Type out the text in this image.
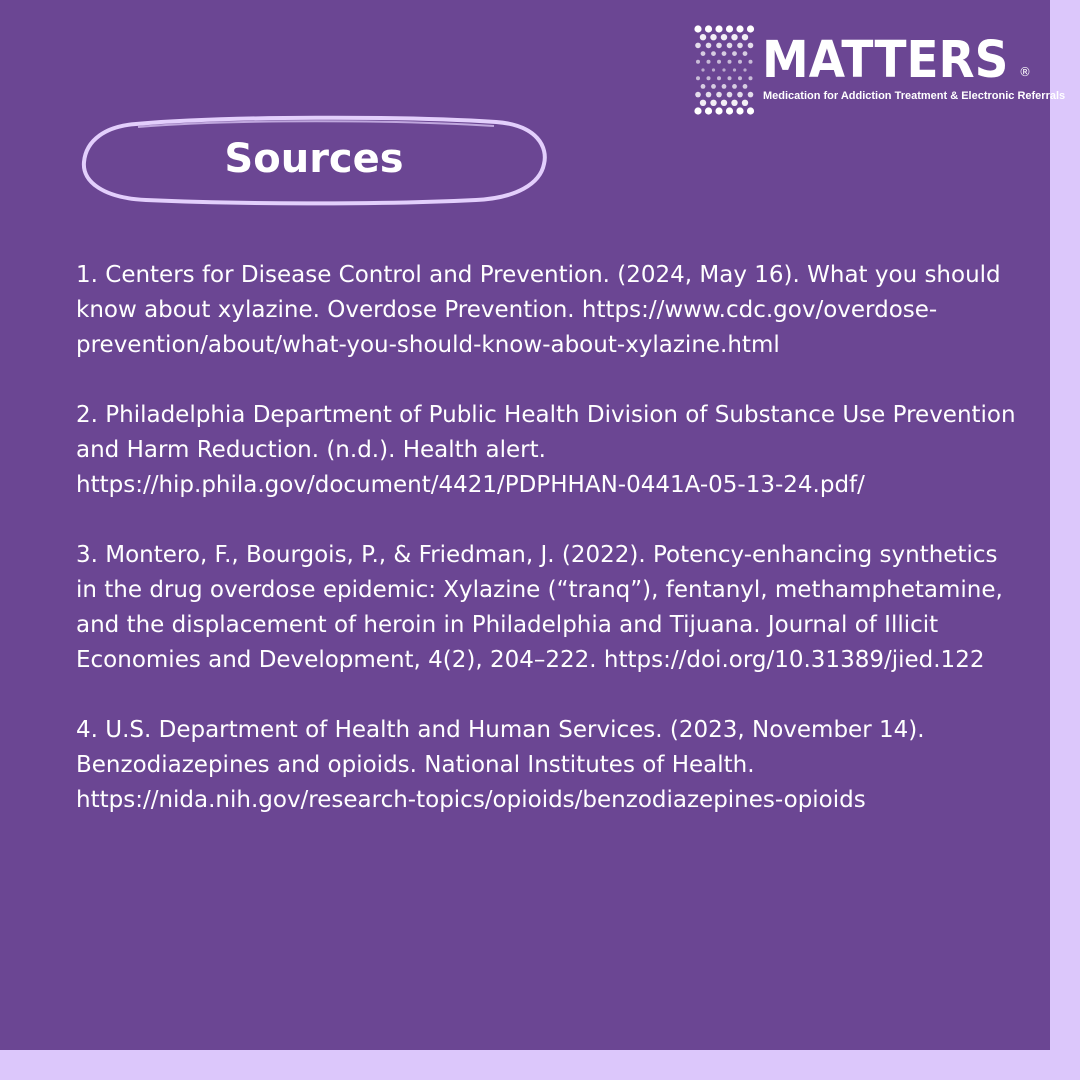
MATTERS ®
Medication for Addiction Treatment & Electronic Referrals
Sources
1. Centers for Disease Control and Prevention. (2024, May 16). What you should know about xylazine. Overdose Prevention. https://www.cdc.gov/overdose-prevention/about/what-you-should-know-about-xylazine.html
2. Philadelphia Department of Public Health Division of Substance Use Prevention and Harm Reduction. (n.d.). Health alert. https://hip.phila.gov/document/4421/PDPHHAN-0441A-05-13-24.pdf/
3. Montero, F., Bourgois, P., & Friedman, J. (2022). Potency-enhancing synthetics in the drug overdose epidemic: Xylazine (“tranq”), fentanyl, methamphetamine, and the displacement of heroin in Philadelphia and Tijuana. Journal of Illicit Economies and Development, 4(2), 204–222. https://doi.org/10.31389/jied.122
4. U.S. Department of Health and Human Services. (2023, November 14). Benzodiazepines and opioids. National Institutes of Health. https://nida.nih.gov/research-topics/opioids/benzodiazepines-opioids
